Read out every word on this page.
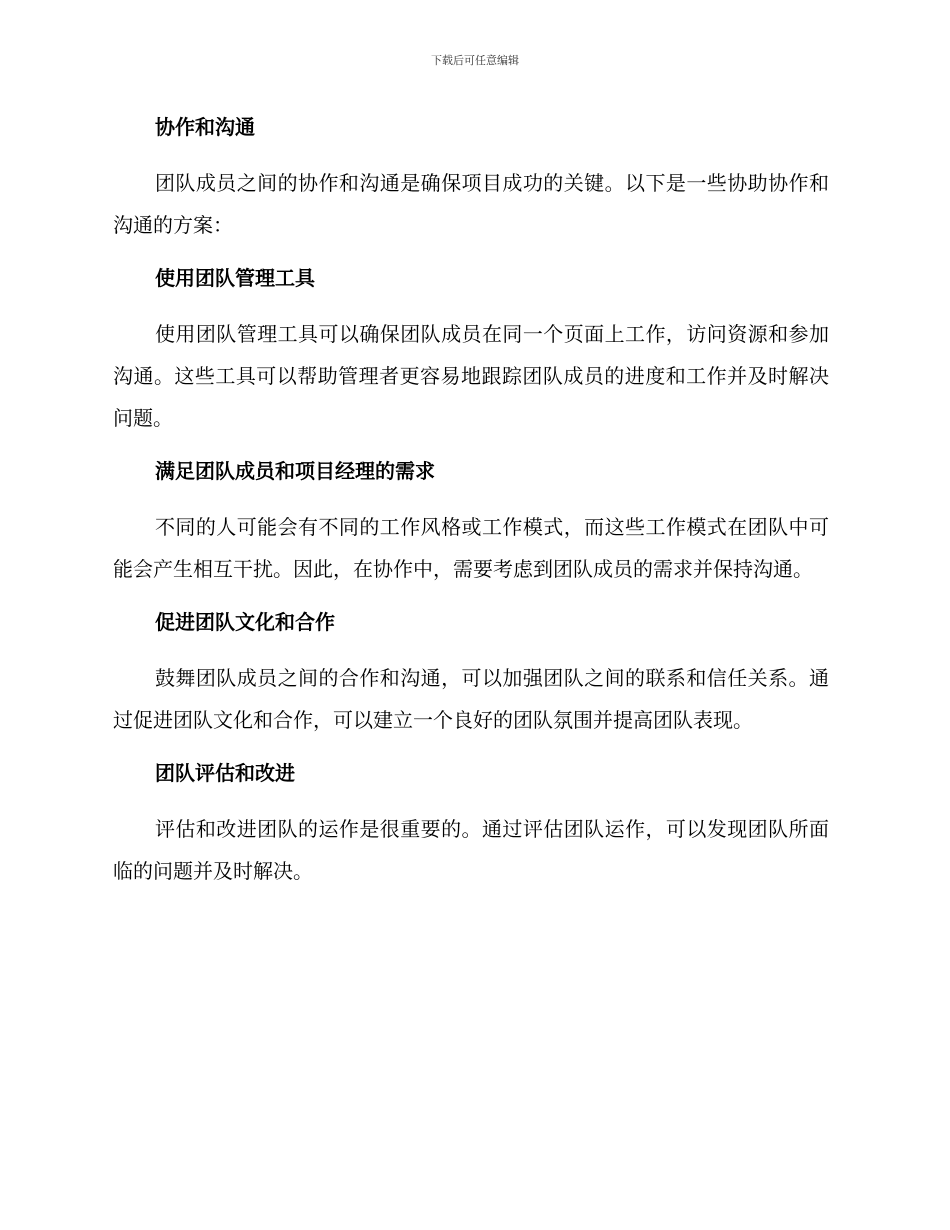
下载后可任意编辑
协作和沟通

团队成员之间的协作和沟通是确保项目成功的关键。以下是一些协助协作和沟通的方案：

使用团队管理工具

使用团队管理工具可以确保团队成员在同一个页面上工作，访问资源和参加沟通。这些工具可以帮助管理者更容易地跟踪团队成员的进度和工作并及时解决问题。

满足团队成员和项目经理的需求

不同的人可能会有不同的工作风格或工作模式，而这些工作模式在团队中可能会产生相互干扰。因此，在协作中，需要考虑到团队成员的需求并保持沟通。

促进团队文化和合作

鼓舞团队成员之间的合作和沟通，可以加强团队之间的联系和信任关系。通过促进团队文化和合作，可以建立一个良好的团队氛围并提高团队表现。

团队评估和改进

评估和改进团队的运作是很重要的。通过评估团队运作，可以发现团队所面临的问题并及时解决。
